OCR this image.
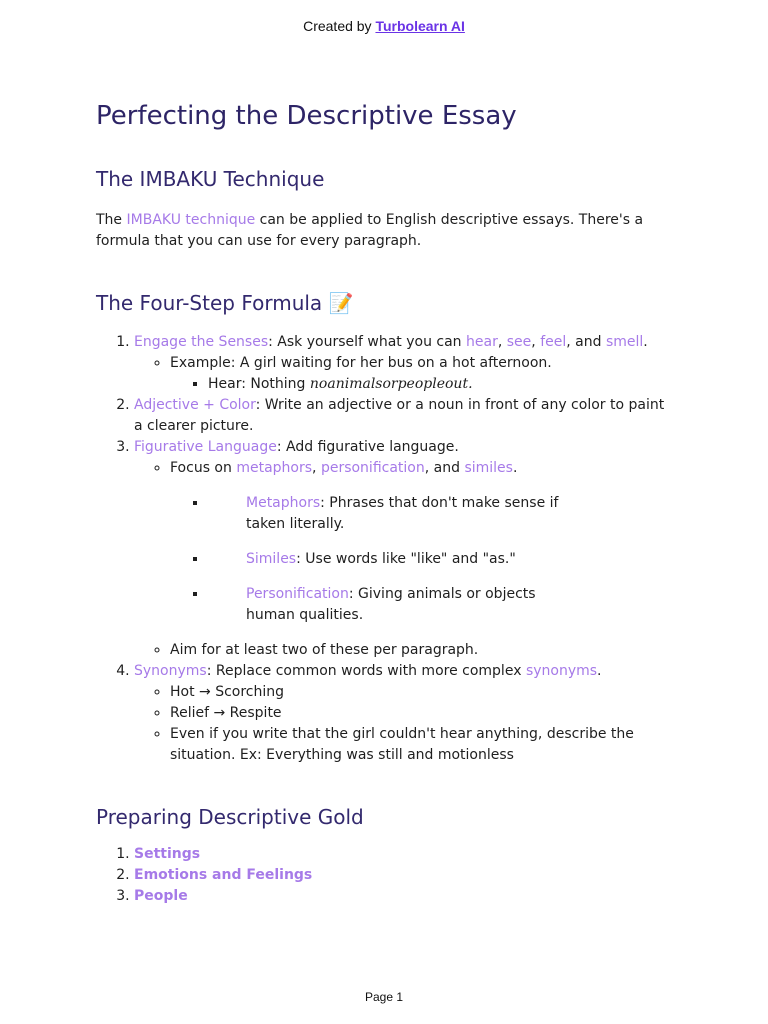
Created by Turbolearn AI
Perfecting the Descriptive Essay
The IMBAKU Technique

The IMBAKU technique can be applied to English descriptive essays. There's a formula that you can use for every paragraph.

The Four-Step Formula 📝
1. Engage the Senses: Ask yourself what you can hear, see, feel, and smell.
◦ Example: A girl waiting for her bus on a hot afternoon.
▪ Hear: Nothing noanimalsorpeopleout.
2. Adjective + Color: Write an adjective or a noun in front of any color to paint a clearer picture.
3. Figurative Language: Add figurative language.
◦ Focus on metaphors, personification, and similes.
▪ Metaphors: Phrases that don't make sense if taken literally.
▪ Similes: Use words like "like" and "as."
▪ Personification: Giving animals or objects human qualities.
◦ Aim for at least two of these per paragraph.
4. Synonyms: Replace common words with more complex synonyms.
◦ Hot → Scorching
◦ Relief → Respite
◦ Even if you write that the girl couldn't hear anything, describe the situation. Ex: Everything was still and motionless
Preparing Descriptive Gold
1. Settings
2. Emotions and Feelings
3. People
Page 1
